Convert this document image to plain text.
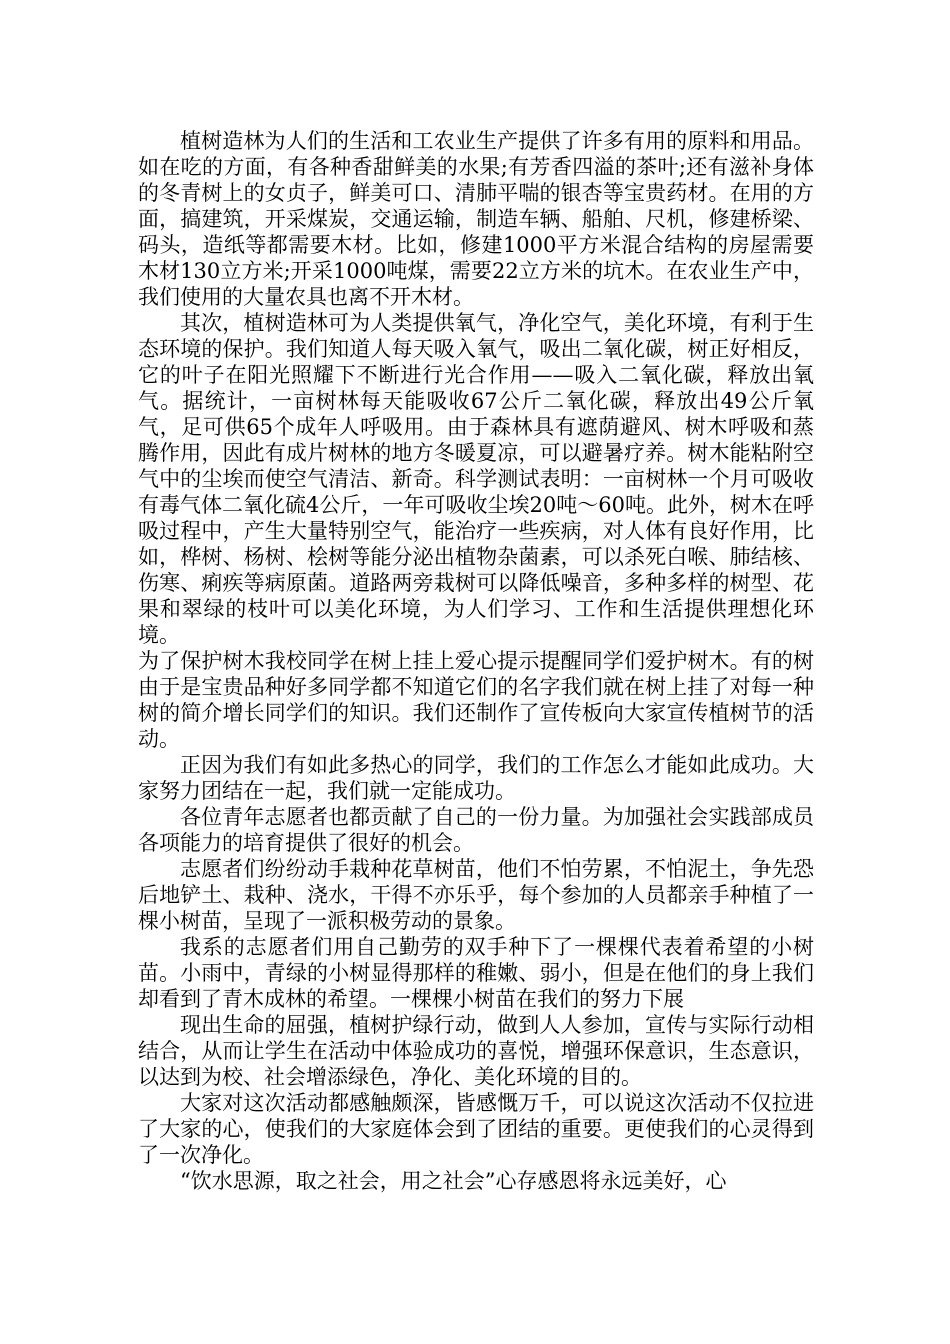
植树造林为人们的生活和工农业生产提供了许多有用的原料和用品。如在吃的方面，有各种香甜鲜美的水果;有芳香四溢的茶叶;还有滋补身体的冬青树上的女贞子，鲜美可口、清肺平喘的银杏等宝贵药材。在用的方面，搞建筑，开采煤炭，交通运输，制造车辆、船舶、尺机，修建桥梁、码头，造纸等都需要木材。比如，修建1000平方米混合结构的房屋需要木材130立方米;开采1000吨煤，需要22立方米的坑木。在农业生产中，我们使用的大量农具也离不开木材。

其次，植树造林可为人类提供氧气，净化空气，美化环境，有利于生态环境的保护。我们知道人每天吸入氧气，吸出二氧化碳，树正好相反，它的叶子在阳光照耀下不断进行光合作用——吸入二氧化碳，释放出氧气。据统计，一亩树林每天能吸收67公斤二氧化碳，释放出49公斤氧气，足可供65个成年人呼吸用。由于森林具有遮荫避风、树木呼吸和蒸腾作用，因此有成片树林的地方冬暖夏凉，可以避暑疗养。树木能粘附空气中的尘埃而使空气清洁、新奇。科学测试表明：一亩树林一个月可吸收有毒气体二氧化硫4公斤，一年可吸收尘埃20吨～60吨。此外，树木在呼吸过程中，产生大量特别空气，能治疗一些疾病，对人体有良好作用，比如，桦树、杨树、桧树等能分泌出植物杂菌素，可以杀死白喉、肺结核、伤寒、痢疾等病原菌。道路两旁栽树可以降低噪音，多种多样的树型、花果和翠绿的枝叶可以美化环境，为人们学习、工作和生活提供理想化环境。

为了保护树木我校同学在树上挂上爱心提示提醒同学们爱护树木。有的树由于是宝贵品种好多同学都不知道它们的名字我们就在树上挂了对每一种树的简介增长同学们的知识。我们还制作了宣传板向大家宣传植树节的活动。

正因为我们有如此多热心的同学，我们的工作怎么才能如此成功。大家努力团结在一起，我们就一定能成功。

各位青年志愿者也都贡献了自己的一份力量。为加强社会实践部成员各项能力的培育提供了很好的机会。

志愿者们纷纷动手栽种花草树苗，他们不怕劳累，不怕泥土，争先恐后地铲土、栽种、浇水，干得不亦乐乎，每个参加的人员都亲手种植了一棵小树苗，呈现了一派积极劳动的景象。

我系的志愿者们用自己勤劳的双手种下了一棵棵代表着希望的小树苗。小雨中，青绿的小树显得那样的稚嫩、弱小，但是在他们的身上我们却看到了青木成林的希望。一棵棵小树苗在我们的努力下展

现出生命的屈强，植树护绿行动，做到人人参加，宣传与实际行动相结合，从而让学生在活动中体验成功的喜悦，增强环保意识，生态意识，以达到为校、社会增添绿色，净化、美化环境的目的。

大家对这次活动都感触颇深，皆感慨万千，可以说这次活动不仅拉进了大家的心，使我们的大家庭体会到了团结的重要。更使我们的心灵得到了一次净化。

“饮水思源，取之社会，用之社会”心存感恩将永远美好，心
